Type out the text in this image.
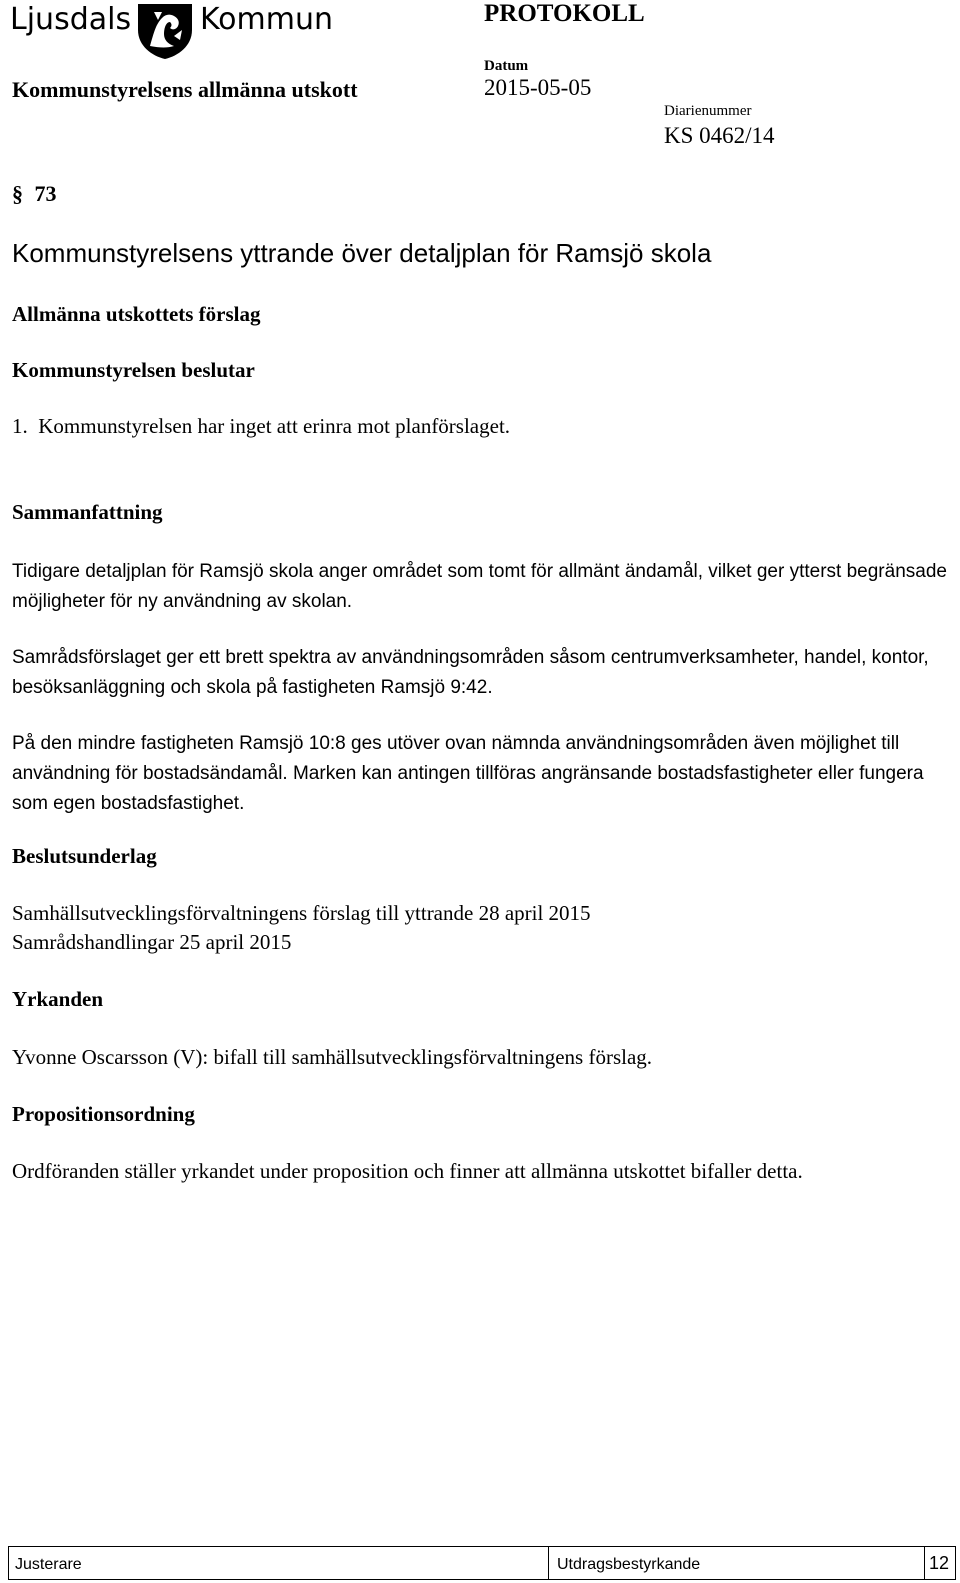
Ljusdals Kommun	PROTOKOLL
Kommunstyrelsens allmänna utskott
Datum
2015-05-05
Diarienummer
KS 0462/14
§ 73
Kommunstyrelsens yttrande över detaljplan för Ramsjö skola
Allmänna utskottets förslag
Kommunstyrelsen beslutar
1.  Kommunstyrelsen har inget att erinra mot planförslaget.
Sammanfattning
Tidigare detaljplan för Ramsjö skola anger området som tomt för allmänt ändamål, vilket ger ytterst begränsade möjligheter för ny användning av skolan.
Samrådsförslaget ger ett brett spektra av användningsområden såsom centrumverksamheter, handel, kontor, besöksanläggning och skola på fastigheten Ramsjö 9:42.
På den mindre fastigheten Ramsjö 10:8 ges utöver ovan nämnda användningsområden även möjlighet till användning för bostadsändamål. Marken kan antingen tillföras angränsande bostadsfastigheter eller fungera som egen bostadsfastighet.
Beslutsunderlag
Samhällsutvecklingsförvaltningens förslag till yttrande 28 april 2015
Samrådshandlingar 25 april 2015
Yrkanden
Yvonne Oscarsson (V): bifall till samhällsutvecklingsförvaltningens förslag.
Propositionsordning
Ordföranden ställer yrkandet under proposition och finner att allmänna utskottet bifaller detta.
Justerare	Utdragsbestyrkande	12
